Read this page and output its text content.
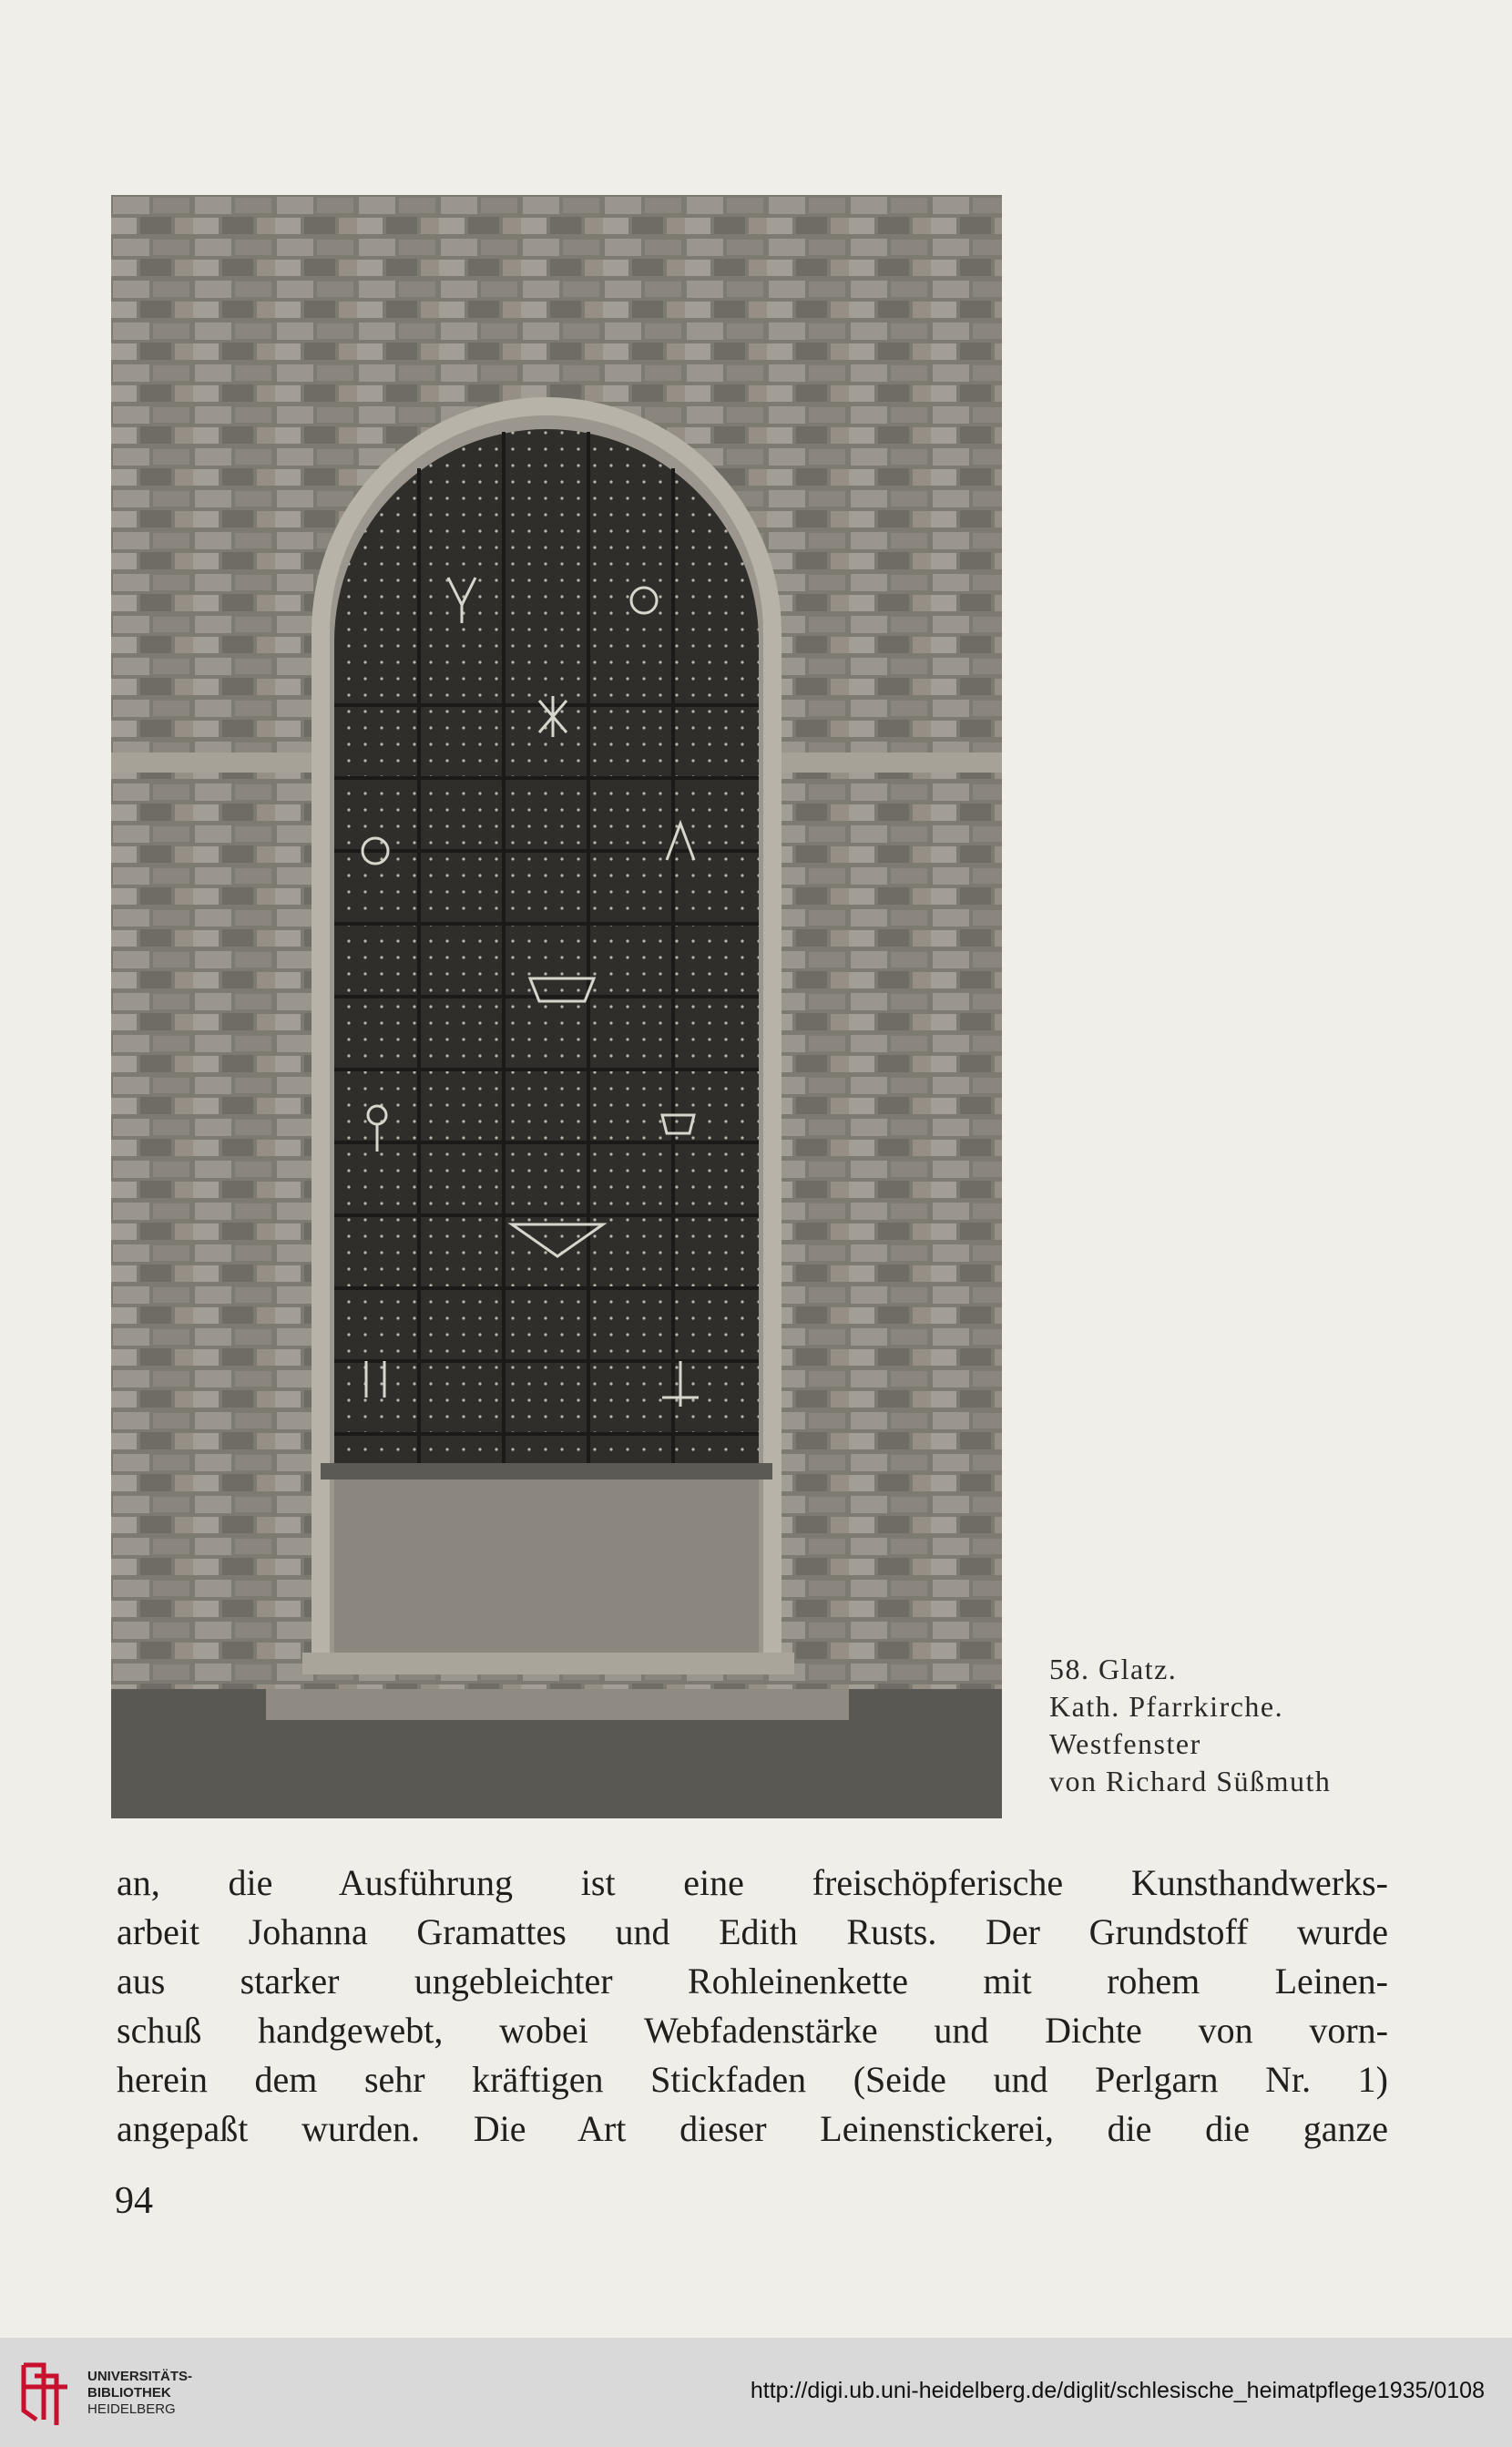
58. Glatz.
Kath. Pfarrkirche.
Westfenster
von Richard Süßmuth
an, die Ausführung ist eine freischöpferische Kunsthandwerks-
arbeit Johanna Gramattes und Edith Rusts. Der Grundstoff wurde
aus starker ungebleichter Rohleinenkette mit rohem Leinen-
schuß handgewebt, wobei Webfadenstärke und Dichte von vorn-
herein dem sehr kräftigen Stickfaden (Seide und Perlgarn Nr. 1)
angepaßt wurden. Die Art dieser Leinenstickerei, die die ganze
94
UNIVERSITÄTS-
BIBLIOTHEK
HEIDELBERG
http://digi.ub.uni-heidelberg.de/diglit/schlesische_heimatpflege1935/0108
